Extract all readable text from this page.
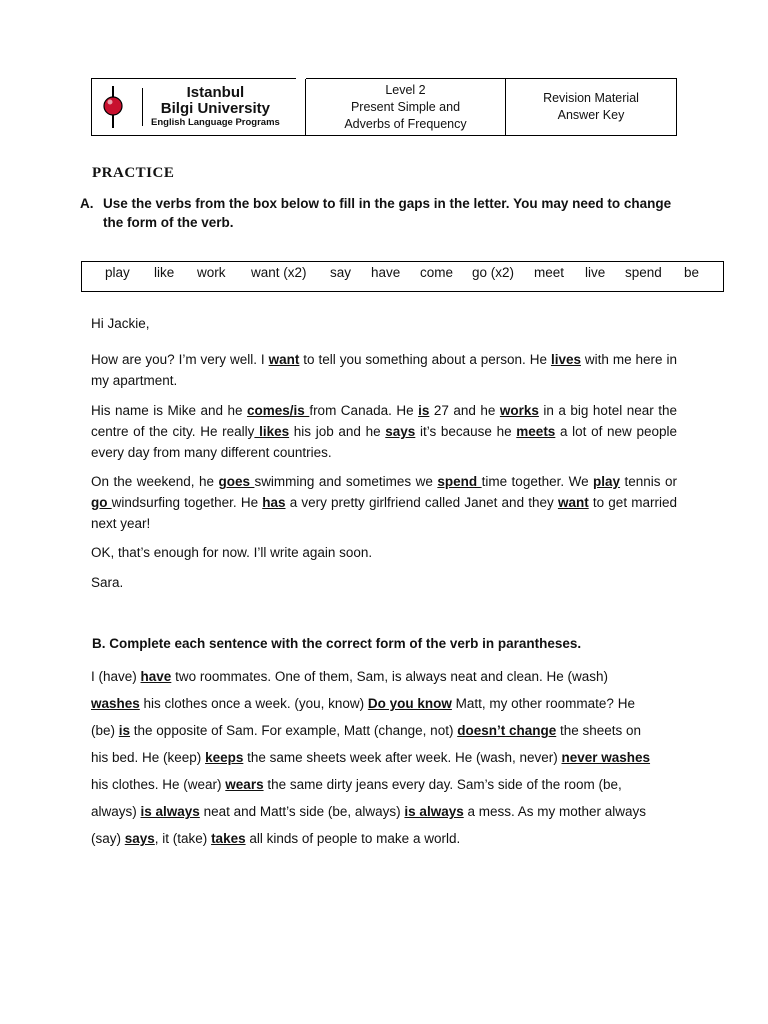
Istanbul
Bilgi University
English Language Programs
Level 2
Present Simple and
Adverbs of Frequency
Revision Material
Answer Key
PRACTICE
A. Use the verbs from the box below to fill in the gaps in the letter. You may need to change
the form of the verb.
play like work want (x2) say have come go (x2) meet live spend be
Hi Jackie,
How are you? I’m very well. I want to tell you something about a person. He lives with me here in my apartment.
His name is Mike and he comes/is from Canada. He is 27 and he works in a big hotel near the centre of the city. He really likes his job and he says it’s because he meets a lot of new people every day from many different countries.
On the weekend, he goes swimming and sometimes we spend time together. We play tennis or go windsurfing together. He has a very pretty girlfriend called Janet and they want to get married next year!
OK, that’s enough for now. I’ll write again soon.
Sara.
B. Complete each sentence with the correct form of the verb in parantheses.
I (have) have two roommates. One of them, Sam, is always neat and clean. He (wash)
washes his clothes once a week. (you, know) Do you know Matt, my other roommate? He
(be) is the opposite of Sam. For example, Matt (change, not) doesn’t change the sheets on
his bed. He (keep) keeps the same sheets week after week. He (wash, never) never washes
his clothes. He (wear) wears the same dirty jeans every day. Sam’s side of the room (be,
always) is always neat and Matt’s side (be, always) is always a mess. As my mother always
(say) says, it (take) takes all kinds of people to make a world.
